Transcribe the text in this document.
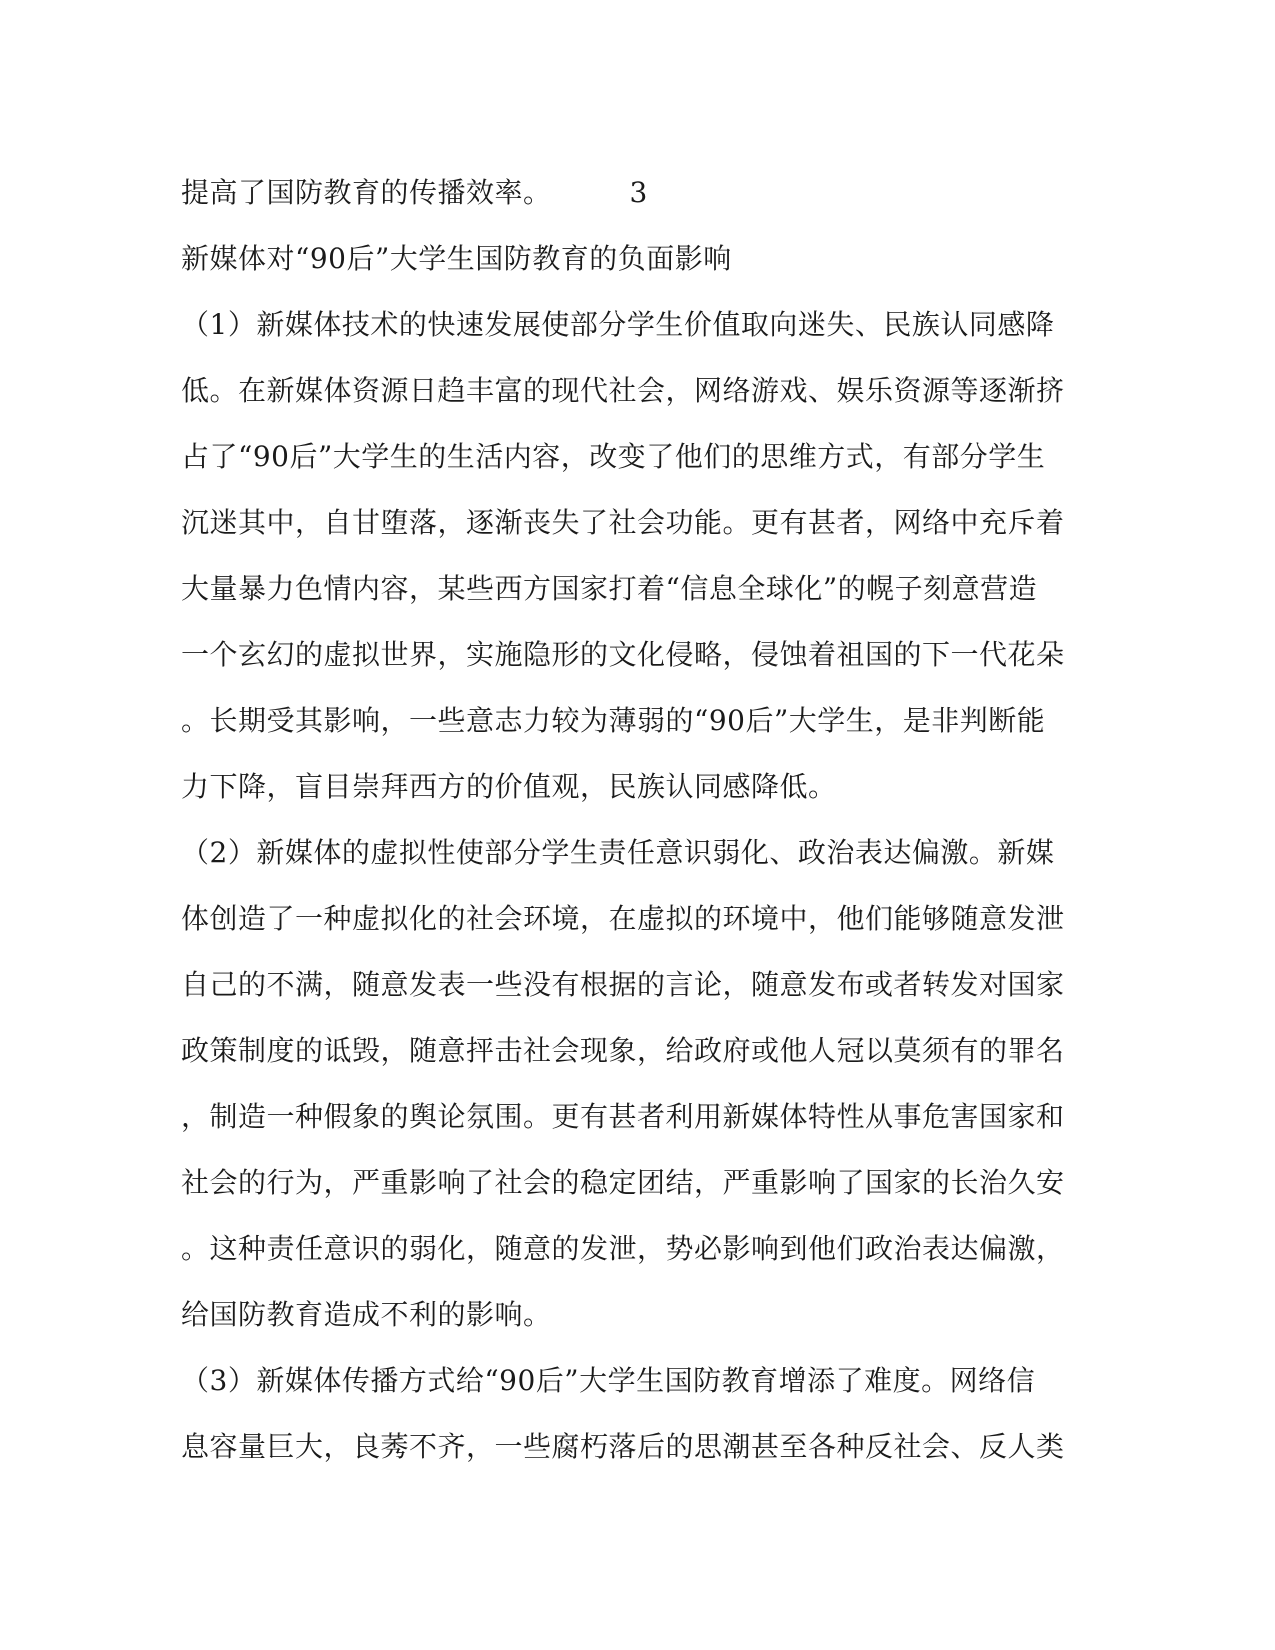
提高了国防教育的传播效率。	3
新媒体对“90后”大学生国防教育的负面影响
（1）新媒体技术的快速发展使部分学生价值取向迷失、民族认同感降
低。在新媒体资源日趋丰富的现代社会，网络游戏、娱乐资源等逐渐挤
占了“90后”大学生的生活内容，改变了他们的思维方式，有部分学生
沉迷其中，自甘堕落，逐渐丧失了社会功能。更有甚者，网络中充斥着
大量暴力色情内容，某些西方国家打着“信息全球化”的幌子刻意营造
一个玄幻的虚拟世界，实施隐形的文化侵略，侵蚀着祖国的下一代花朵
。长期受其影响，一些意志力较为薄弱的“90后”大学生，是非判断能
力下降，盲目崇拜西方的价值观，民族认同感降低。
（2）新媒体的虚拟性使部分学生责任意识弱化、政治表达偏激。新媒
体创造了一种虚拟化的社会环境，在虚拟的环境中，他们能够随意发泄
自己的不满，随意发表一些没有根据的言论，随意发布或者转发对国家
政策制度的诋毁，随意抨击社会现象，给政府或他人冠以莫须有的罪名
，制造一种假象的舆论氛围。更有甚者利用新媒体特性从事危害国家和
社会的行为，严重影响了社会的稳定团结，严重影响了国家的长治久安
。这种责任意识的弱化，随意的发泄，势必影响到他们政治表达偏激，
给国防教育造成不利的影响。
（3）新媒体传播方式给“90后”大学生国防教育增添了难度。网络信
息容量巨大，良莠不齐，一些腐朽落后的思潮甚至各种反社会、反人类
